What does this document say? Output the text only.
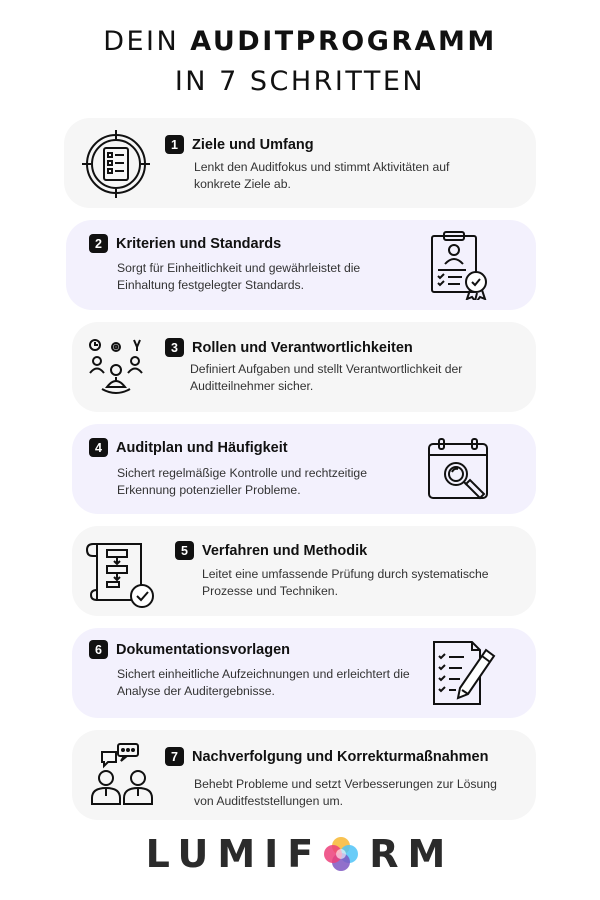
DEIN AUDITPROGRAMM
IN 7 SCHRITTEN
1 Ziele und Umfang
Lenkt den Auditfokus und stimmt Aktivitäten auf konkrete Ziele ab.
2 Kriterien und Standards
Sorgt für Einheitlichkeit und gewährleistet die Einhaltung festgelegter Standards.
3 Rollen und Verantwortlichkeiten
Definiert Aufgaben und stellt Verantwortlichkeit der Auditteilnehmer sicher.
4 Auditplan und Häufigkeit
Sichert regelmäßige Kontrolle und rechtzeitige Erkennung potenzieller Probleme.
5 Verfahren und Methodik
Leitet eine umfassende Prüfung durch systematische Prozesse und Techniken.
6 Dokumentationsvorlagen
Sichert einheitliche Aufzeichnungen und erleichtert die Analyse der Auditergebnisse.
7 Nachverfolgung und Korrekturmaßnahmen
Behebt Probleme und setzt Verbesserungen zur Lösung von Auditfeststellungen um.
LUMIF RM
